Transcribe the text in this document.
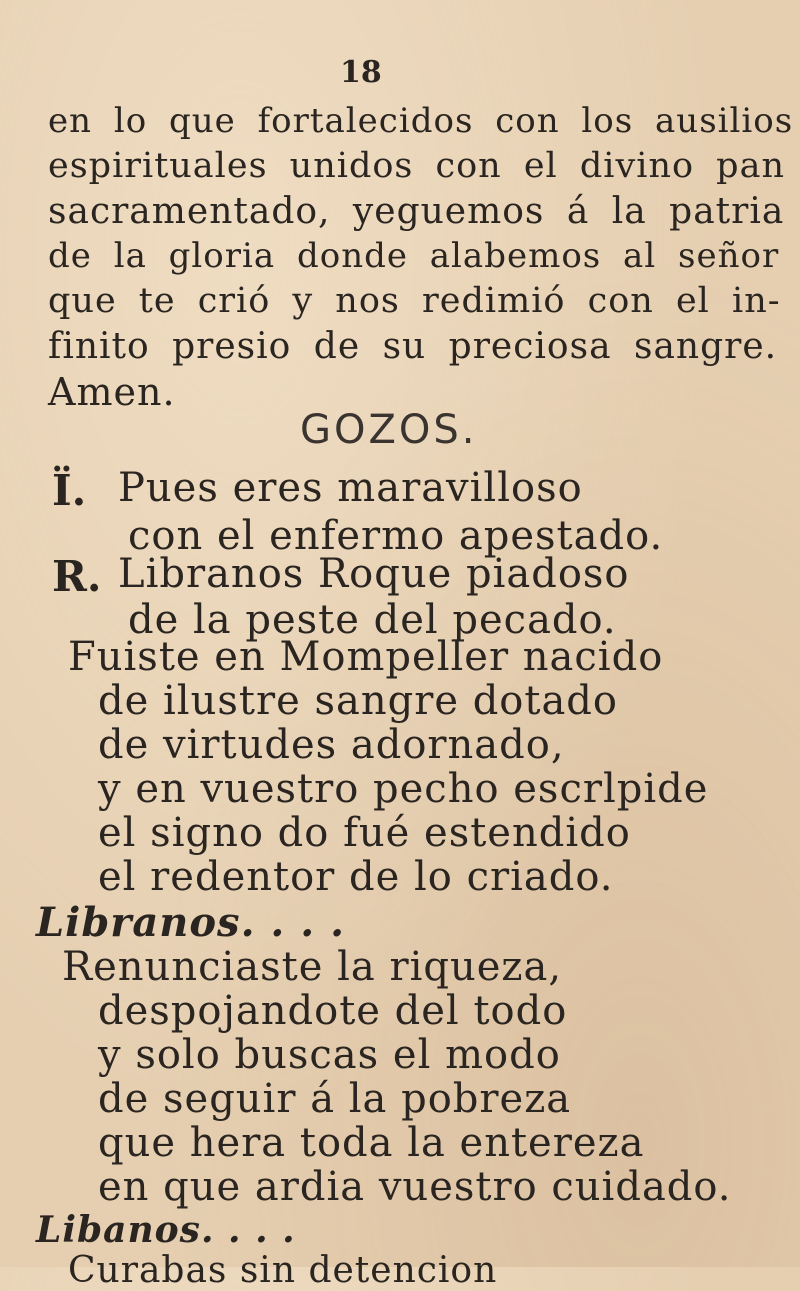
18
en lo que fortalecidos con los ausilios
espirituales unidos con el divino pan
sacramentado, yeguemos á la patria
de la gloria donde alabemos al señor
que te crió y nos redimió con el in-
finito presio de su preciosa sangre.
Amen.
GOZOS.
Ï. Pues eres maravilloso
con el enfermo apestado.
R. Libranos Roque piadoso
de la peste del pecado.
Fuiste en Mompeller nacido
de ilustre sangre dotado
de virtudes adornado,
y en vuestro pecho escrlpide
el signo do fué estendido
el redentor de lo criado.
Libranos. . . .
Renunciaste la riqueza,
despojandote del todo
y solo buscas el modo
de seguir á la pobreza
que hera toda la entereza
en que ardia vuestro cuidado.
Libanos. . . .
Curabas sin detencion
